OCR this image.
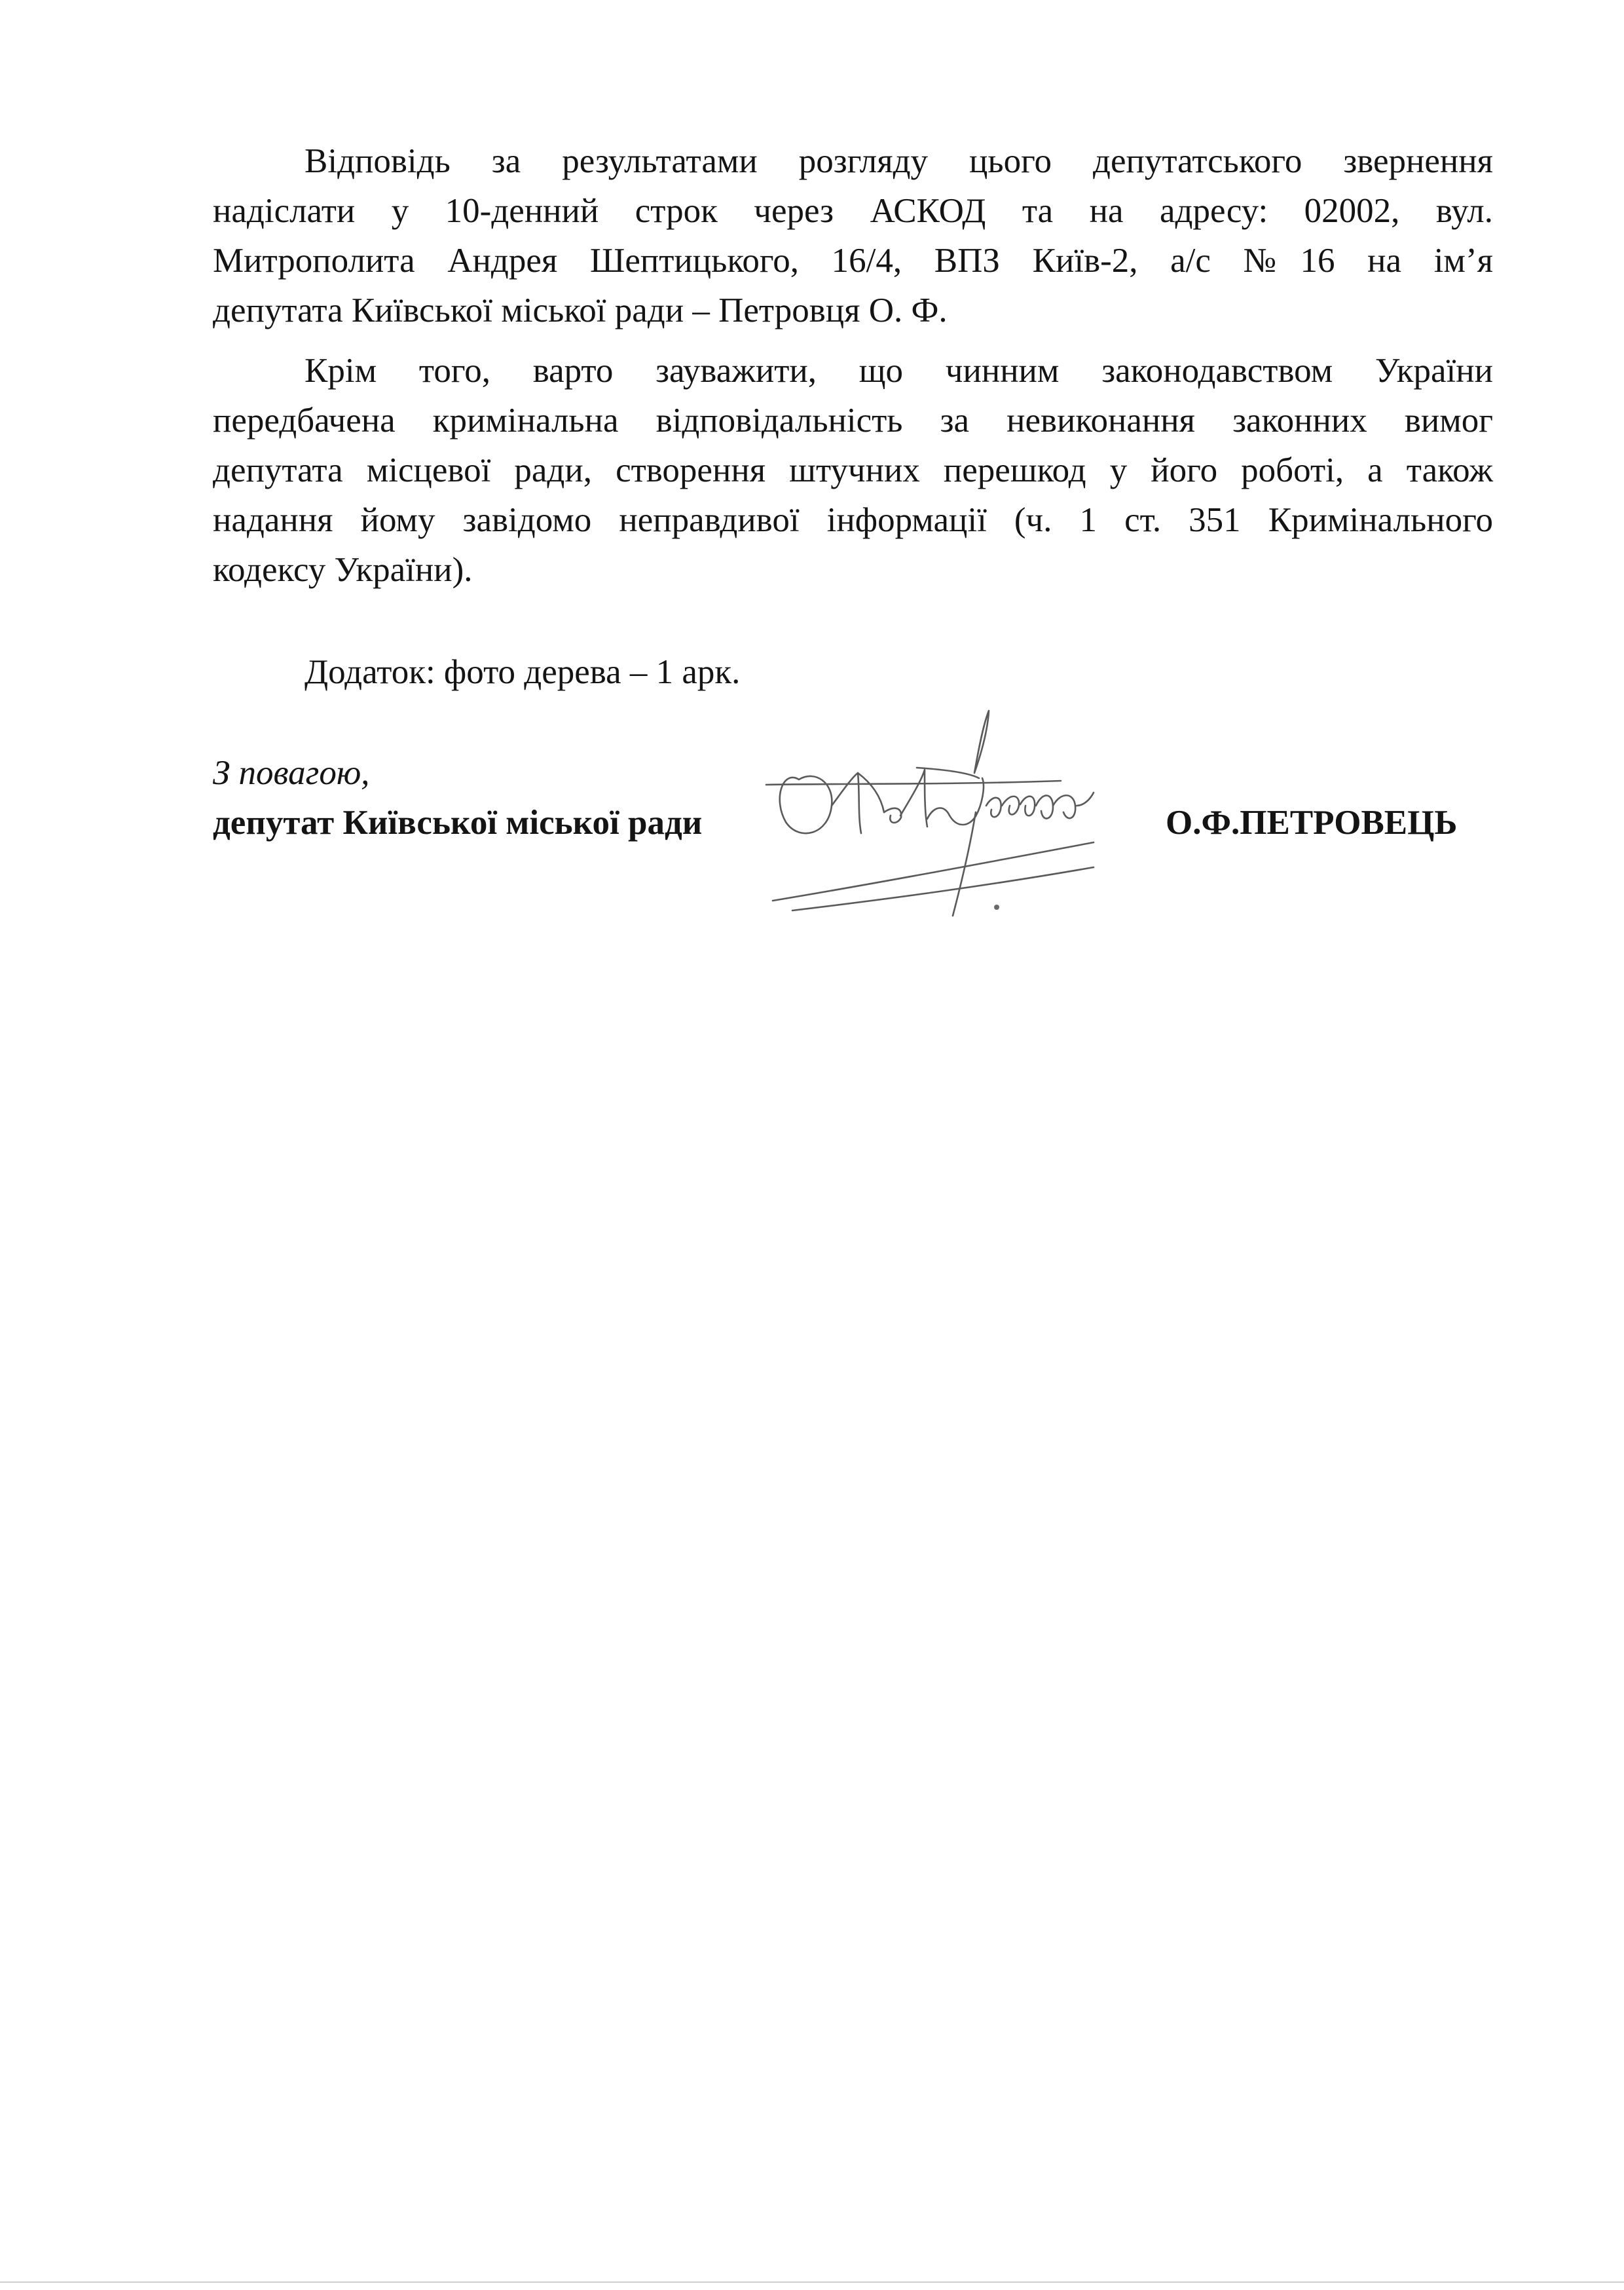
Відповідь за результатами розгляду цього депутатського звернення
надіслати у 10-денний строк через АСКОД та на адресу: 02002, вул.
Митрополита Андрея Шептицького, 16/4, ВПЗ Київ-2, а/с №16 на ім’я
депутата Київської міської ради – Петровця О. Ф.

Крім того, варто зауважити, що чинним законодавством України
передбачена кримінальна відповідальність за невиконання законних вимог
депутата місцевої ради, створення штучних перешкод у його роботі, а також
надання йому завідомо неправдивої інформації (ч. 1 ст. 351 Кримінального
кодексу України).

Додаток: фото дерева – 1 арк.

З повагою,

депутат Київської міської ради

О.Петровець

О.Ф.ПЕТРОВЕЦЬ
